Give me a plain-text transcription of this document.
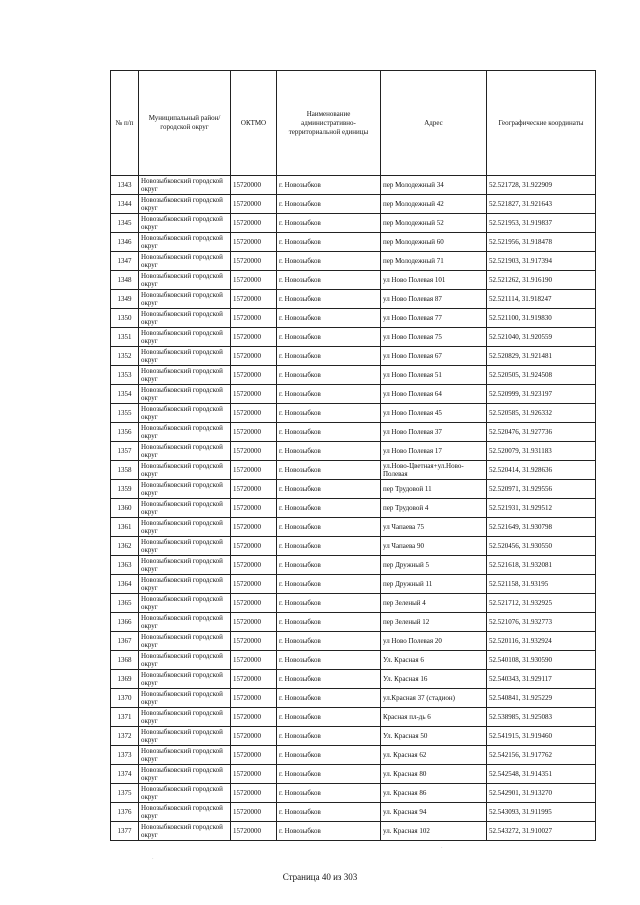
№ п/п	Муниципальный район/городской округ	ОКТМО	Наименование административно-территориальной единицы	Адрес	Географические координаты
1343	Новозыбковский городской округ	15720000	г. Новозыбков	пер Молодежный 34	52.521728, 31.922909
1344	Новозыбковский городской округ	15720000	г. Новозыбков	пер Молодежный 42	52.521827, 31.921643
1345	Новозыбковский городской округ	15720000	г. Новозыбков	пер Молодежный 52	52.521953, 31.919837
1346	Новозыбковский городской округ	15720000	г. Новозыбков	пер Молодежный 60	52.521956, 31.918478
1347	Новозыбковский городской округ	15720000	г. Новозыбков	пер Молодежный 71	52.521903, 31.917394
1348	Новозыбковский городской округ	15720000	г. Новозыбков	ул Ново Полевая 101	52.521262, 31.916190
1349	Новозыбковский городской округ	15720000	г. Новозыбков	ул Ново Полевая 87	52.521114, 31.918247
1350	Новозыбковский городской округ	15720000	г. Новозыбков	ул Ново Полевая 77	52.521100, 31.919830
1351	Новозыбковский городской округ	15720000	г. Новозыбков	ул Ново Полевая 75	52.521040, 31.920559
1352	Новозыбковский городской округ	15720000	г. Новозыбков	ул Ново Полевая 67	52.520829, 31.921481
1353	Новозыбковский городской округ	15720000	г. Новозыбков	ул Ново Полевая 51	52.520505, 31.924508
1354	Новозыбковский городской округ	15720000	г. Новозыбков	ул Ново Полевая 64	52.520999, 31.923197
1355	Новозыбковский городской округ	15720000	г. Новозыбков	ул Ново Полевая 45	52.520585, 31.926332
1356	Новозыбковский городской округ	15720000	г. Новозыбков	ул Ново Полевая 37	52.520476, 31.927736
1357	Новозыбковский городской округ	15720000	г. Новозыбков	ул Ново Полевая 17	52.520079, 31.931183
1358	Новозыбковский городской округ	15720000	г. Новозыбков	ул.Ново-Цветная+ул.Ново-Полевая	52.520414, 31.928636
1359	Новозыбковский городской округ	15720000	г. Новозыбков	пер Трудовой 11	52.520971, 31.929556
1360	Новозыбковский городской округ	15720000	г. Новозыбков	пер Трудовой 4	52.521931, 31.929512
1361	Новозыбковский городской округ	15720000	г. Новозыбков	ул Чапаева 75	52.521649, 31.930798
1362	Новозыбковский городской округ	15720000	г. Новозыбков	ул Чапаева 90	52.520456, 31.930550
1363	Новозыбковский городской округ	15720000	г. Новозыбков	пер Дружный 5	52.521618, 31.932081
1364	Новозыбковский городской округ	15720000	г. Новозыбков	пер Дружный 11	52.521158, 31.93195
1365	Новозыбковский городской округ	15720000	г. Новозыбков	пер Зеленый 4	52.521712, 31.932925
1366	Новозыбковский городской округ	15720000	г. Новозыбков	пер Зеленый 12	52.521076, 31.932773
1367	Новозыбковский городской округ	15720000	г. Новозыбков	ул Ново Полевая 20	52.520116, 31.932924
1368	Новозыбковский городской округ	15720000	г. Новозыбков	Ул. Красная 6	52.540108, 31.930590
1369	Новозыбковский городской округ	15720000	г. Новозыбков	Ул. Красная 16	52.540343, 31.929117
1370	Новозыбковский городской округ	15720000	г. Новозыбков	ул.Красная 37 (стадион)	52.540841, 31.925229
1371	Новозыбковский городской округ	15720000	г. Новозыбков	Красная пл-дь 6	52.538985, 31.925083
1372	Новозыбковский городской округ	15720000	г. Новозыбков	Ул. Красная 50	52.541915, 31.919460
1373	Новозыбковский городской округ	15720000	г. Новозыбков	ул. Красная 62	52.542156, 31.917762
1374	Новозыбковский городской округ	15720000	г. Новозыбков	ул. Красная 80	52.542548, 31.914351
1375	Новозыбковский городской округ	15720000	г. Новозыбков	ул. Красная 86	52.542901, 31.913270
1376	Новозыбковский городской округ	15720000	г. Новозыбков	ул. Красная 94	52.543093, 31.911995
1377	Новозыбковский городской округ	15720000	г. Новозыбков	ул. Красная 102	52.543272, 31.910027
Страница 40 из 303
·
·
